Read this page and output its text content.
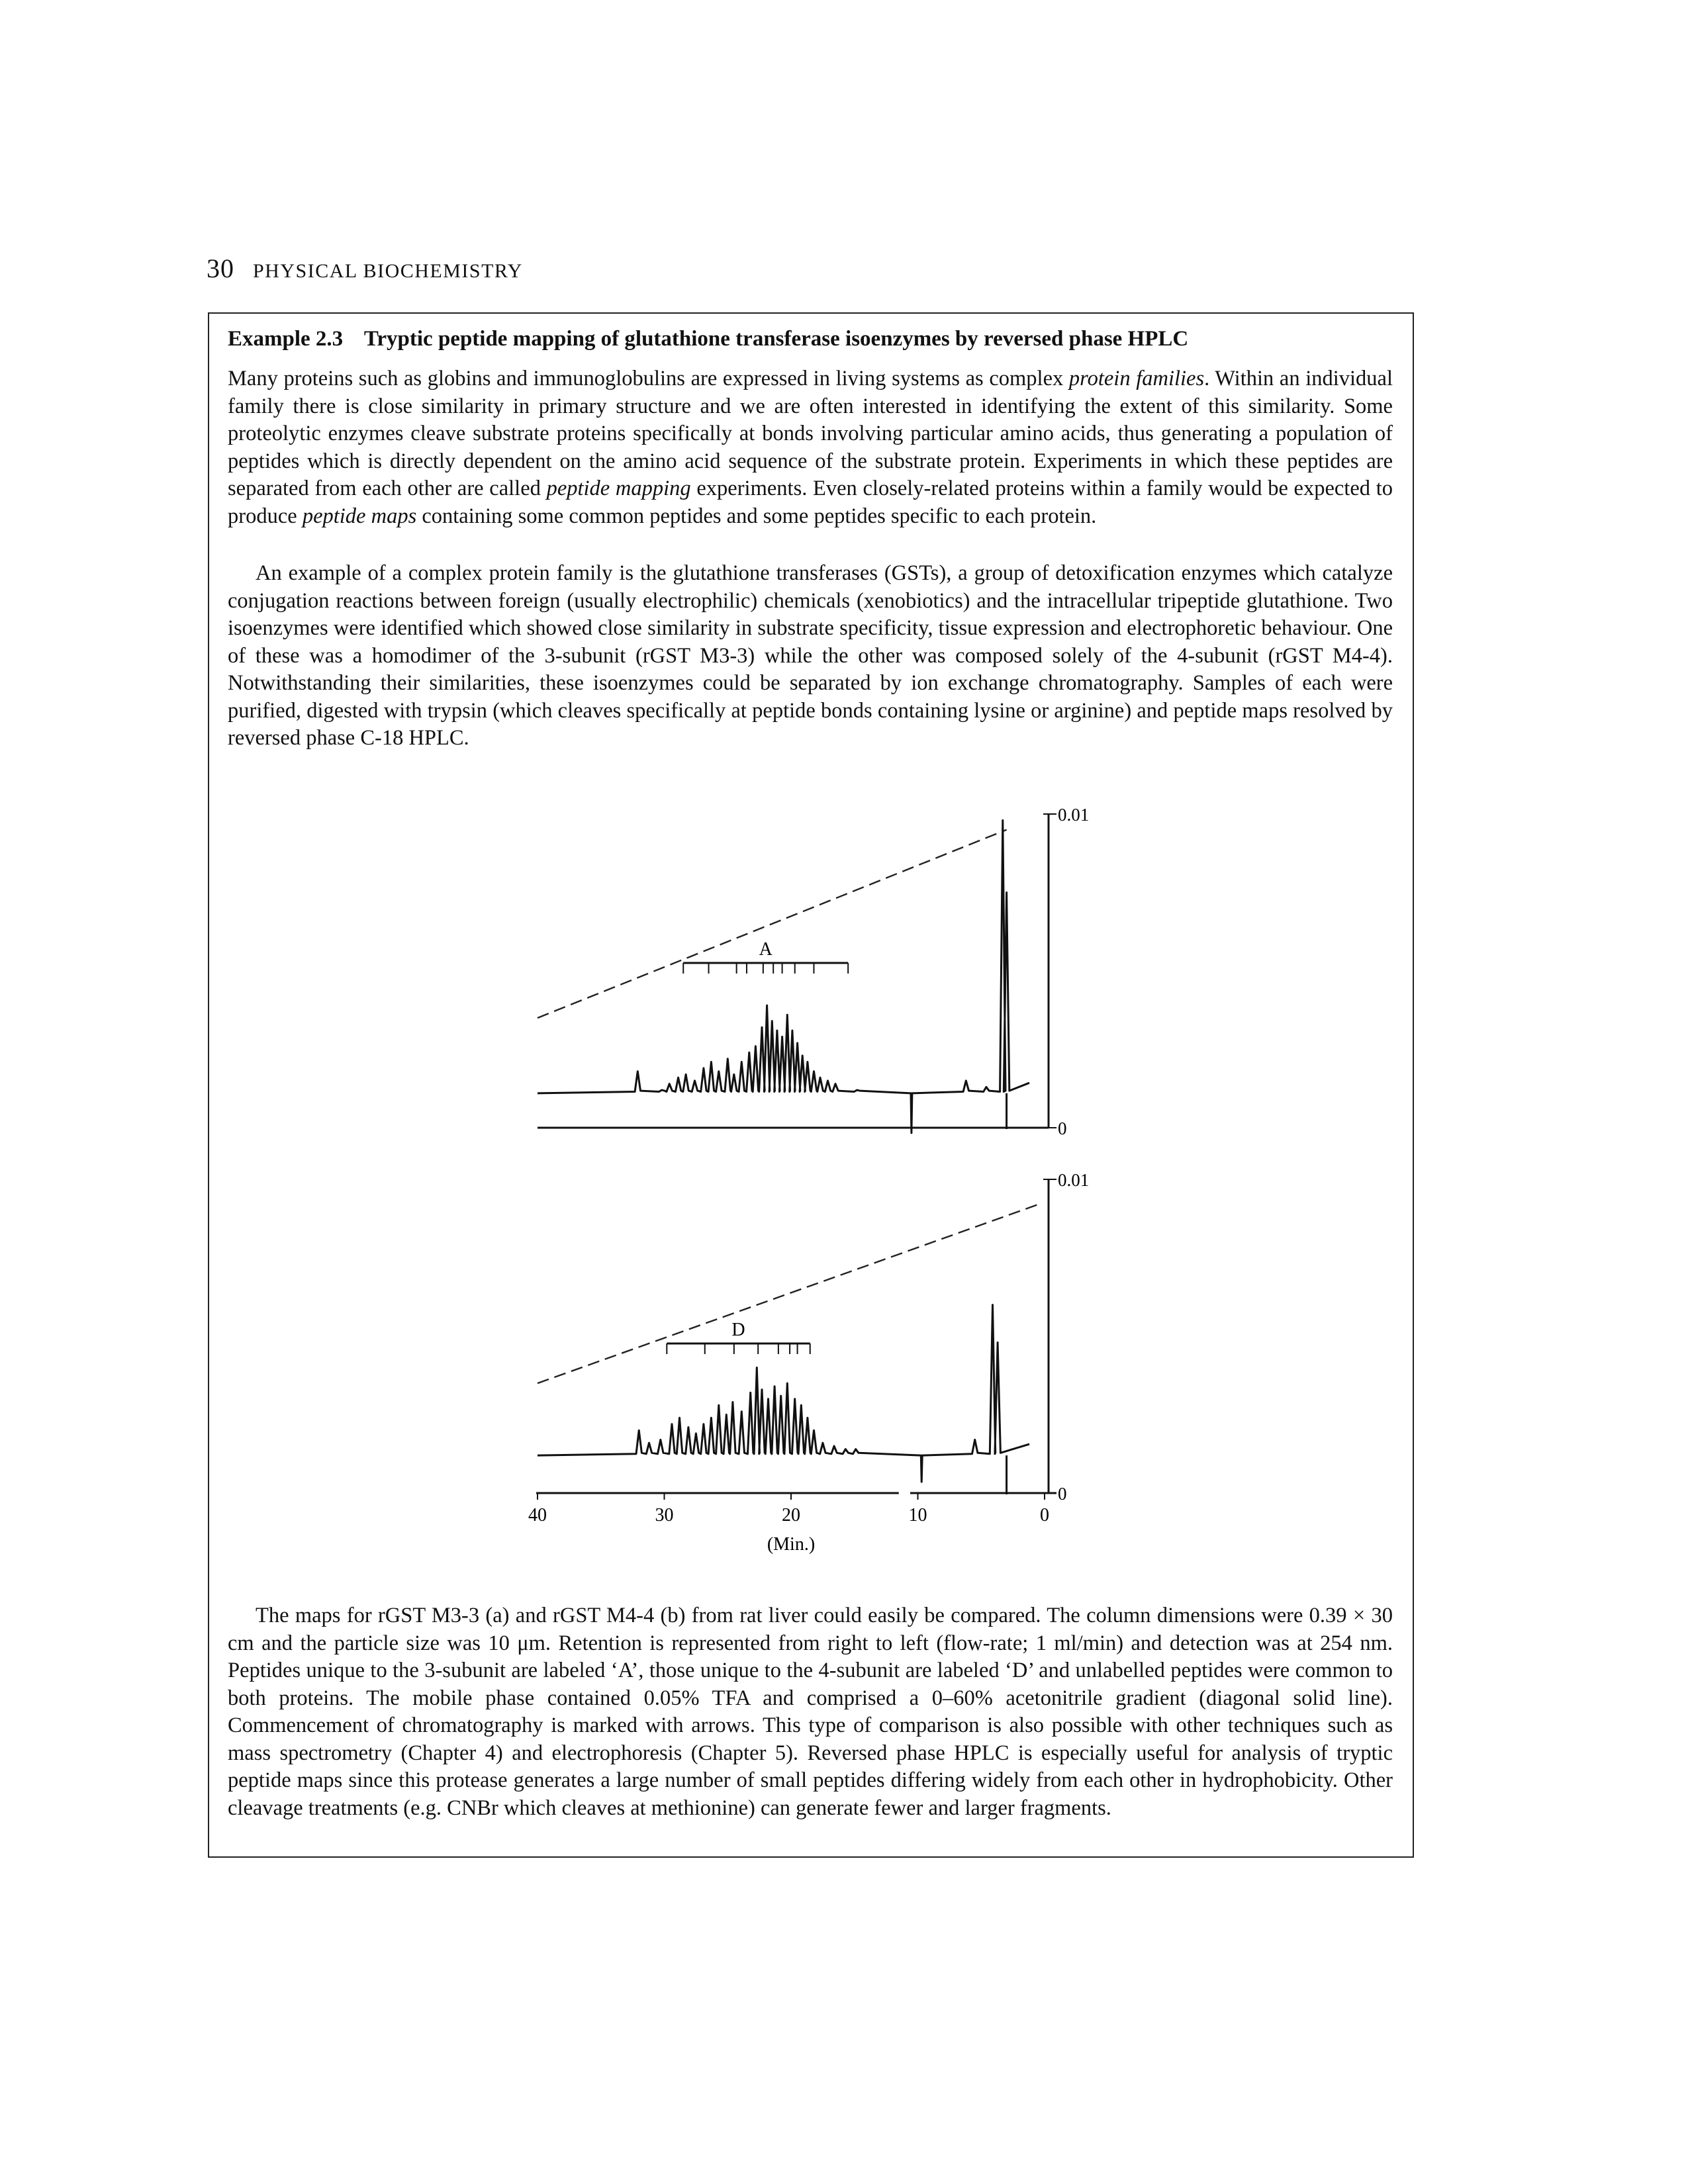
30 PHYSICAL BIOCHEMISTRY
Example 2.3 Tryptic peptide mapping of glutathione transferase isoenzymes by reversed phase HPLC

Many proteins such as globins and immunoglobulins are expressed in living systems as complex protein families. Within an individual family there is close similarity in primary structure and we are often interested in identifying the extent of this similarity. Some proteolytic enzymes cleave substrate proteins specifically at bonds involving particular amino acids, thus generating a population of peptides which is directly dependent on the amino acid sequence of the substrate protein. Experiments in which these peptides are separated from each other are called peptide mapping experiments. Even closely-related proteins within a family would be expected to produce peptide maps containing some common peptides and some peptides specific to each protein.

An example of a complex protein family is the glutathione transferases (GSTs), a group of detoxification enzymes which catalyze conjugation reactions between foreign (usually electrophilic) chemicals (xenobiotics) and the intracellular tripeptide glutathione. Two isoenzymes were identified which showed close similarity in substrate specificity, tissue expression and electrophoretic behaviour. One of these was a homodimer of the 3-subunit (rGST M3-3) while the other was composed solely of the 4-subunit (rGST M4-4). Notwithstanding their similarities, these isoenzymes could be separated by ion exchange chromatography. Samples of each were purified, digested with trypsin (which cleaves specifically at peptide bonds containing lysine or arginine) and peptide maps resolved by reversed phase C-18 HPLC.

0.01
0
A
0.01
0
D
40	30	20	10	0
(Min.)

The maps for rGST M3-3 (a) and rGST M4-4 (b) from rat liver could easily be compared. The column dimensions were 0.39 × 30 cm and the particle size was 10 μm. Retention is represented from right to left (flow-rate; 1 ml/min) and detection was at 254 nm. Peptides unique to the 3-subunit are labeled ‘A’, those unique to the 4-subunit are labeled ‘D’ and unlabelled peptides were common to both proteins. The mobile phase contained 0.05% TFA and comprised a 0–60% acetonitrile gradient (diagonal solid line). Commencement of chromatography is marked with arrows. This type of comparison is also possible with other techniques such as mass spectrometry (Chapter 4) and electrophoresis (Chapter 5). Reversed phase HPLC is especially useful for analysis of tryptic peptide maps since this protease generates a large number of small peptides differing widely from each other in hydrophobicity. Other cleavage treatments (e.g. CNBr which cleaves at methionine) can generate fewer and larger fragments.
